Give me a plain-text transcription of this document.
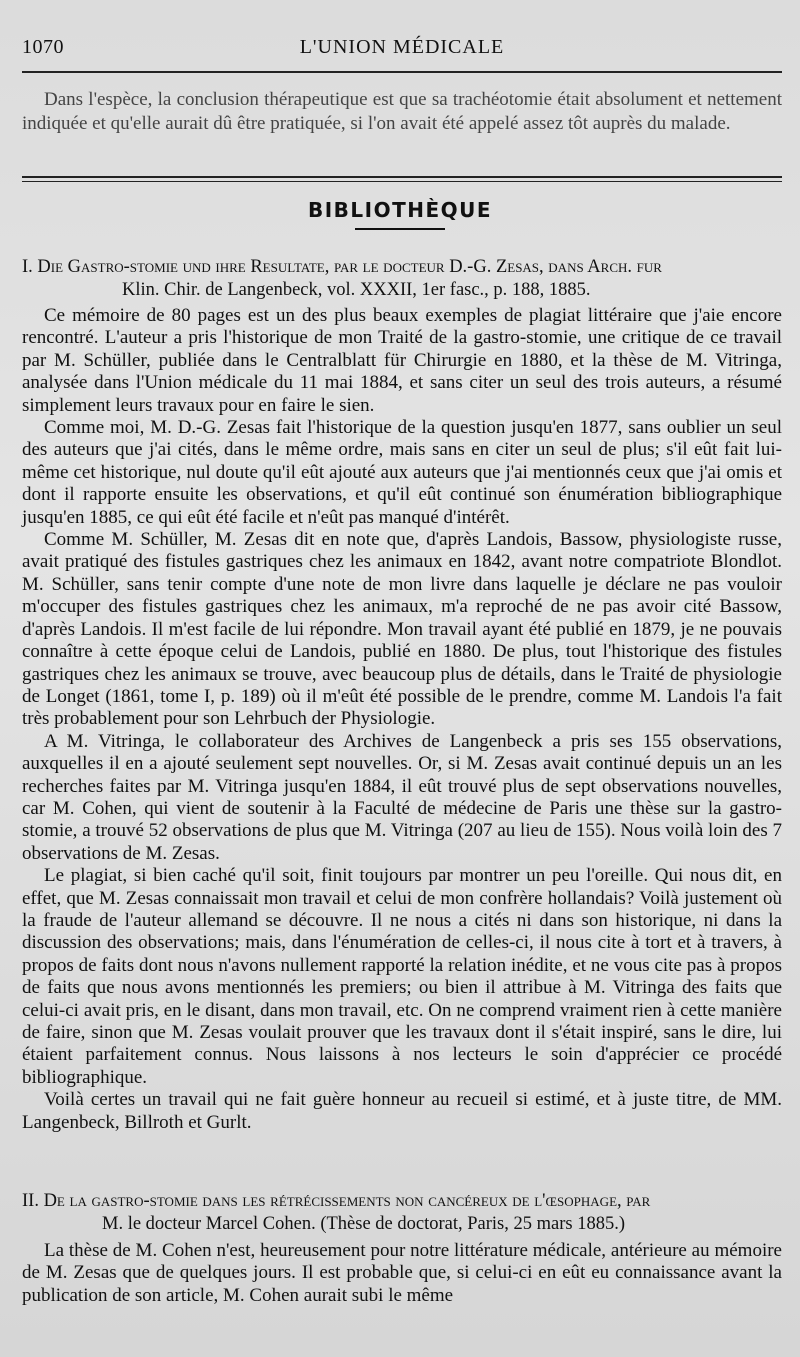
1070	L'UNION MÉDICALE

Dans l'espèce, la conclusion thérapeutique est que sa trachéotomie était absolument et nettement indiquée et qu'elle aurait dû être pratiquée, si l'on avait été appelé assez tôt auprès du malade.

BIBLIOTHÈQUE
I. Die Gastro-stomie und ihre Resultate, par le docteur D.-G. Zesas, dans Arch. fur
Klin. Chir. de Langenbeck, vol. XXXII, 1er fasc., p. 188, 1885.

Ce mémoire de 80 pages est un des plus beaux exemples de plagiat littéraire que j'aie encore rencontré. L'auteur a pris l'historique de mon Traité de la gastro-stomie, une critique de ce travail par M. Schüller, publiée dans le Centralblatt für Chirurgie en 1880, et la thèse de M. Vitringa, analysée dans l'Union médicale du 11 mai 1884, et sans citer un seul des trois auteurs, a résumé simplement leurs travaux pour en faire le sien.

Comme moi, M. D.-G. Zesas fait l'historique de la question jusqu'en 1877, sans oublier un seul des auteurs que j'ai cités, dans le même ordre, mais sans en citer un seul de plus; s'il eût fait lui-même cet historique, nul doute qu'il eût ajouté aux auteurs que j'ai mentionnés ceux que j'ai omis et dont il rapporte ensuite les observations, et qu'il eût continué son énumération bibliographique jusqu'en 1885, ce qui eût été facile et n'eût pas manqué d'intérêt.

Comme M. Schüller, M. Zesas dit en note que, d'après Landois, Bassow, physiologiste russe, avait pratiqué des fistules gastriques chez les animaux en 1842, avant notre compatriote Blondlot. M. Schüller, sans tenir compte d'une note de mon livre dans laquelle je déclare ne pas vouloir m'occuper des fistules gastriques chez les animaux, m'a reproché de ne pas avoir cité Bassow, d'après Landois. Il m'est facile de lui répondre. Mon travail ayant été publié en 1879, je ne pouvais connaître à cette époque celui de Landois, publié en 1880. De plus, tout l'historique des fistules gastriques chez les animaux se trouve, avec beaucoup plus de détails, dans le Traité de physiologie de Longet (1861, tome I, p. 189) où il m'eût été possible de le prendre, comme M. Landois l'a fait très probablement pour son Lehrbuch der Physiologie.

A M. Vitringa, le collaborateur des Archives de Langenbeck a pris ses 155 observations, auxquelles il en a ajouté seulement sept nouvelles. Or, si M. Zesas avait continué depuis un an les recherches faites par M. Vitringa jusqu'en 1884, il eût trouvé plus de sept observations nouvelles, car M. Cohen, qui vient de soutenir à la Faculté de médecine de Paris une thèse sur la gastro-stomie, a trouvé 52 observations de plus que M. Vitringa (207 au lieu de 155). Nous voilà loin des 7 observations de M. Zesas.

Le plagiat, si bien caché qu'il soit, finit toujours par montrer un peu l'oreille. Qui nous dit, en effet, que M. Zesas connaissait mon travail et celui de mon confrère hollandais? Voilà justement où la fraude de l'auteur allemand se découvre. Il ne nous a cités ni dans son historique, ni dans la discussion des observations; mais, dans l'énumération de celles-ci, il nous cite à tort et à travers, à propos de faits dont nous n'avons nullement rapporté la relation inédite, et ne vous cite pas à propos de faits que nous avons mentionnés les premiers; ou bien il attribue à M. Vitringa des faits que celui-ci avait pris, en le disant, dans mon travail, etc. On ne comprend vraiment rien à cette manière de faire, sinon que M. Zesas voulait prouver que les travaux dont il s'était inspiré, sans le dire, lui étaient parfaitement connus. Nous laissons à nos lecteurs le soin d'apprécier ce procédé bibliographique.

Voilà certes un travail qui ne fait guère honneur au recueil si estimé, et à juste titre, de MM. Langenbeck, Billroth et Gurlt.

II. De la gastro-stomie dans les rétrécissements non cancéreux de l'œsophage, par
M. le docteur Marcel Cohen. (Thèse de doctorat, Paris, 25 mars 1885.)

La thèse de M. Cohen n'est, heureusement pour notre littérature médicale, antérieure au mémoire de M. Zesas que de quelques jours. Il est probable que, si celui-ci en eût eu connaissance avant la publication de son article, M. Cohen aurait subi le même
